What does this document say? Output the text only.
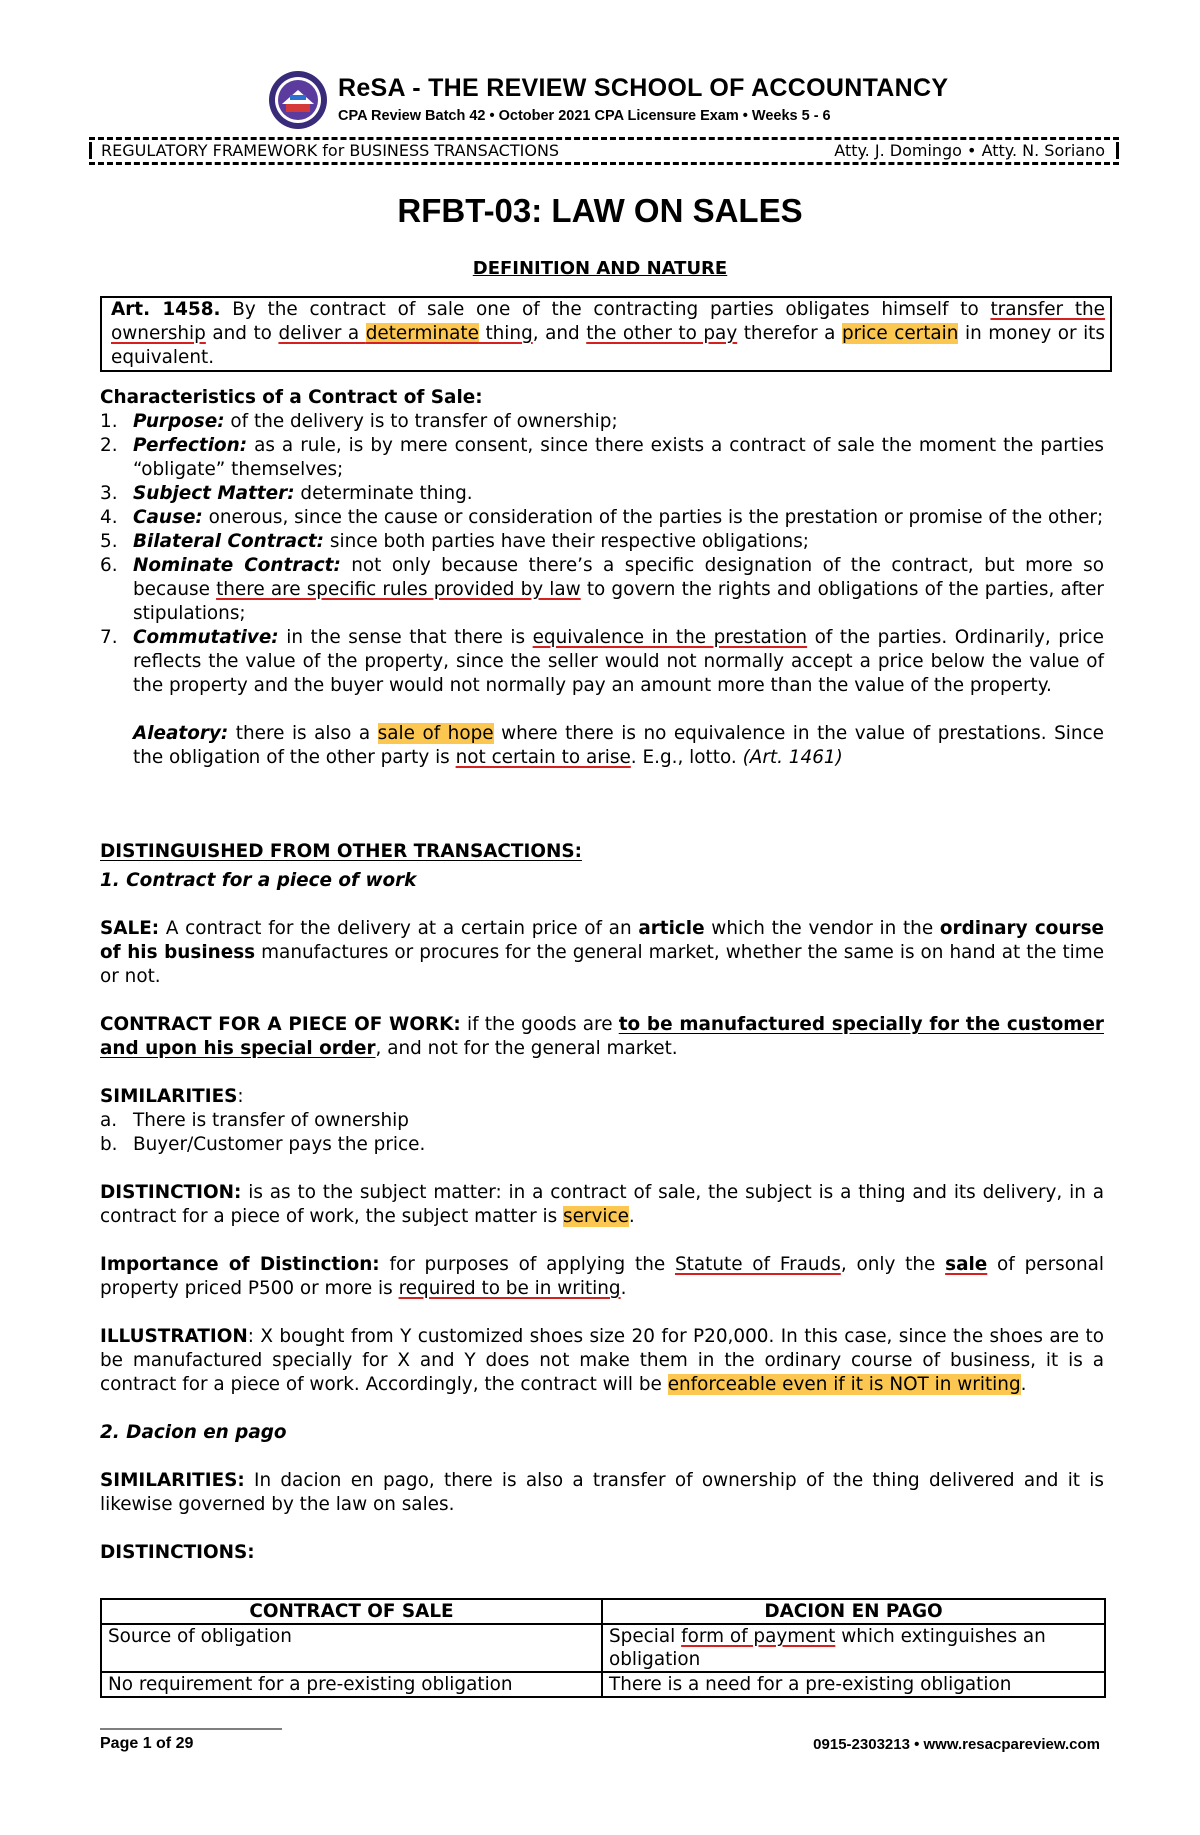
ReSA - THE REVIEW SCHOOL OF ACCOUNTANCY
CPA Review Batch 42 • October 2021 CPA Licensure Exam • Weeks 5 - 6
REGULATORY FRAMEWORK for BUSINESS TRANSACTIONS	Atty. J. Domingo • Atty. N. Soriano
RFBT-03: LAW ON SALES
DEFINITION AND NATURE
Art. 1458. By the contract of sale one of the contracting parties obligates himself to transfer the ownership and to deliver a determinate thing, and the other to pay therefor a price certain in money or its equivalent.

Characteristics of a Contract of Sale:

1. Purpose: of the delivery is to transfer of ownership;
2. Perfection: as a rule, is by mere consent, since there exists a contract of sale the moment the parties “obligate” themselves;
3. Subject Matter: determinate thing.
4. Cause: onerous, since the cause or consideration of the parties is the prestation or promise of the other;
5. Bilateral Contract: since both parties have their respective obligations;
6. Nominate Contract: not only because there’s a specific designation of the contract, but more so because there are specific rules provided by law to govern the rights and obligations of the parties, after stipulations;
7. Commutative: in the sense that there is equivalence in the prestation of the parties. Ordinarily, price reflects the value of the property, since the seller would not normally accept a price below the value of the property and the buyer would not normally pay an amount more than the value of the property.
Aleatory: there is also a sale of hope where there is no equivalence in the value of prestations. Since the obligation of the other party is not certain to arise. E.g., lotto. (Art. 1461)

DISTINGUISHED FROM OTHER TRANSACTIONS:

1. Contract for a piece of work

SALE: A contract for the delivery at a certain price of an article which the vendor in the ordinary course of his business manufactures or procures for the general market, whether the same is on hand at the time or not.

CONTRACT FOR A PIECE OF WORK: if the goods are to be manufactured specially for the customer and upon his special order, and not for the general market.

SIMILARITIES:

a. There is transfer of ownership
b. Buyer/Customer pays the price.

DISTINCTION: is as to the subject matter: in a contract of sale, the subject is a thing and its delivery, in a contract for a piece of work, the subject matter is service.

Importance of Distinction: for purposes of applying the Statute of Frauds, only the sale of personal property priced P500 or more is required to be in writing.

ILLUSTRATION: X bought from Y customized shoes size 20 for P20,000. In this case, since the shoes are to be manufactured specially for X and Y does not make them in the ordinary course of business, it is a contract for a piece of work. Accordingly, the contract will be enforceable even if it is NOT in writing.

2. Dacion en pago

SIMILARITIES: In dacion en pago, there is also a transfer of ownership of the thing delivered and it is likewise governed by the law on sales.

DISTINCTIONS:

CONTRACT OF SALE	DACION EN PAGO
Source of obligation	Special form of payment which extinguishes an obligation
No requirement for a pre-existing obligation	There is a need for a pre-existing obligation
Page 1 of 29	0915-2303213 • www.resacpareview.com
